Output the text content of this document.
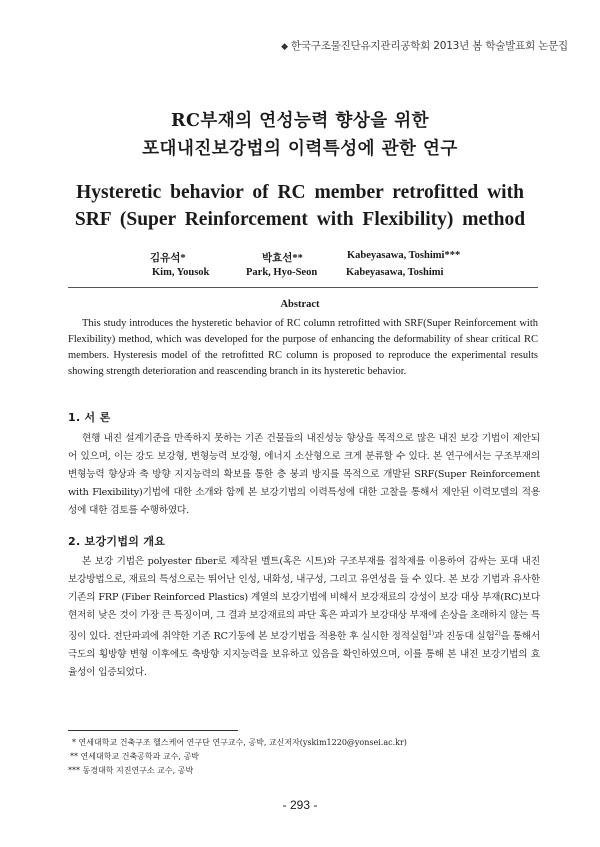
◆ 한국구조물진단유지관리공학회 2013년 봄 학술발표회 논문집
RC부재의 연성능력 향상을 위한
포대내진보강법의 이력특성에 관한 연구
Hysteretic behavior of RC member retrofitted with
SRF (Super Reinforcement with Flexibility) method
김유석*	박효선**	Kabeyasawa, Toshimi***
Kim, Yousok	Park, Hyo-Seon	Kabeyasawa, Toshimi
Abstract
This study introduces the hysteretic behavior of RC column retrofitted with SRF(Super Reinforcement with Flexibility) method, which was developed for the purpose of enhancing the deformability of shear critical RC members. Hysteresis model of the retrofitted RC column is proposed to reproduce the experimental results showing strength deterioration and reascending branch in its hysteretic behavior.
1. 서 론
현행 내진 설계기준을 만족하지 못하는 기존 건물들의 내진성능 향상을 목적으로 많은 내진 보강 기법이 제안되어 있으며, 이는 강도 보강형, 변형능력 보강형, 에너지 소산형으로 크게 분류할 수 있다. 본 연구에서는 구조부재의 변형능력 향상과 축 방향 지지능력의 확보를 통한 층 붕괴 방지를 목적으로 개발된 SRF(Super Reinforcement with Flexibility)기법에 대한 소개와 함께 본 보강기법의 이력특성에 대한 고찰을 통해서 제안된 이력모델의 적용성에 대한 검토를 수행하였다.
2. 보강기법의 개요
본 보강 기법은 polyester fiber로 제작된 벨트(혹은 시트)와 구조부재를 접착제를 이용하여 감싸는 포대 내진 보강방법으로, 재료의 특성으로는 뛰어난 인성, 내화성, 내구성, 그리고 유연성을 들 수 있다. 본 보강 기법과 유사한 기존의 FRP (Fiber Reinforced Plastics) 계열의 보강기법에 비해서 보강재료의 강성이 보강 대상 부재(RC)보다 현저히 낮은 것이 가장 큰 특징이며, 그 결과 보강재료의 파단 혹은 파괴가 보강대상 부재에 손상을 초래하지 않는 특징이 있다. 전단파괴에 취약한 기존 RC기둥에 본 보강기법을 적용한 후 실시한 정적실험$^{1)}$과 진동대 실험$^{2)}$을 통해서 극도의 횡방향 변형 이후에도 축방향 지지능력을 보유하고 있음을 확인하였으며, 이를 통해 본 내진 보강기법의 효율성이 입증되었다.
* 연세대학교 건축구조 헬스케어 연구단 연구교수, 공박, 교신저자(yskim1220@yonsei.ac.kr)
** 연세대학교 건축공학과 교수, 공박
*** 동경대학 지진연구소 교수, 공박
- 293 -
